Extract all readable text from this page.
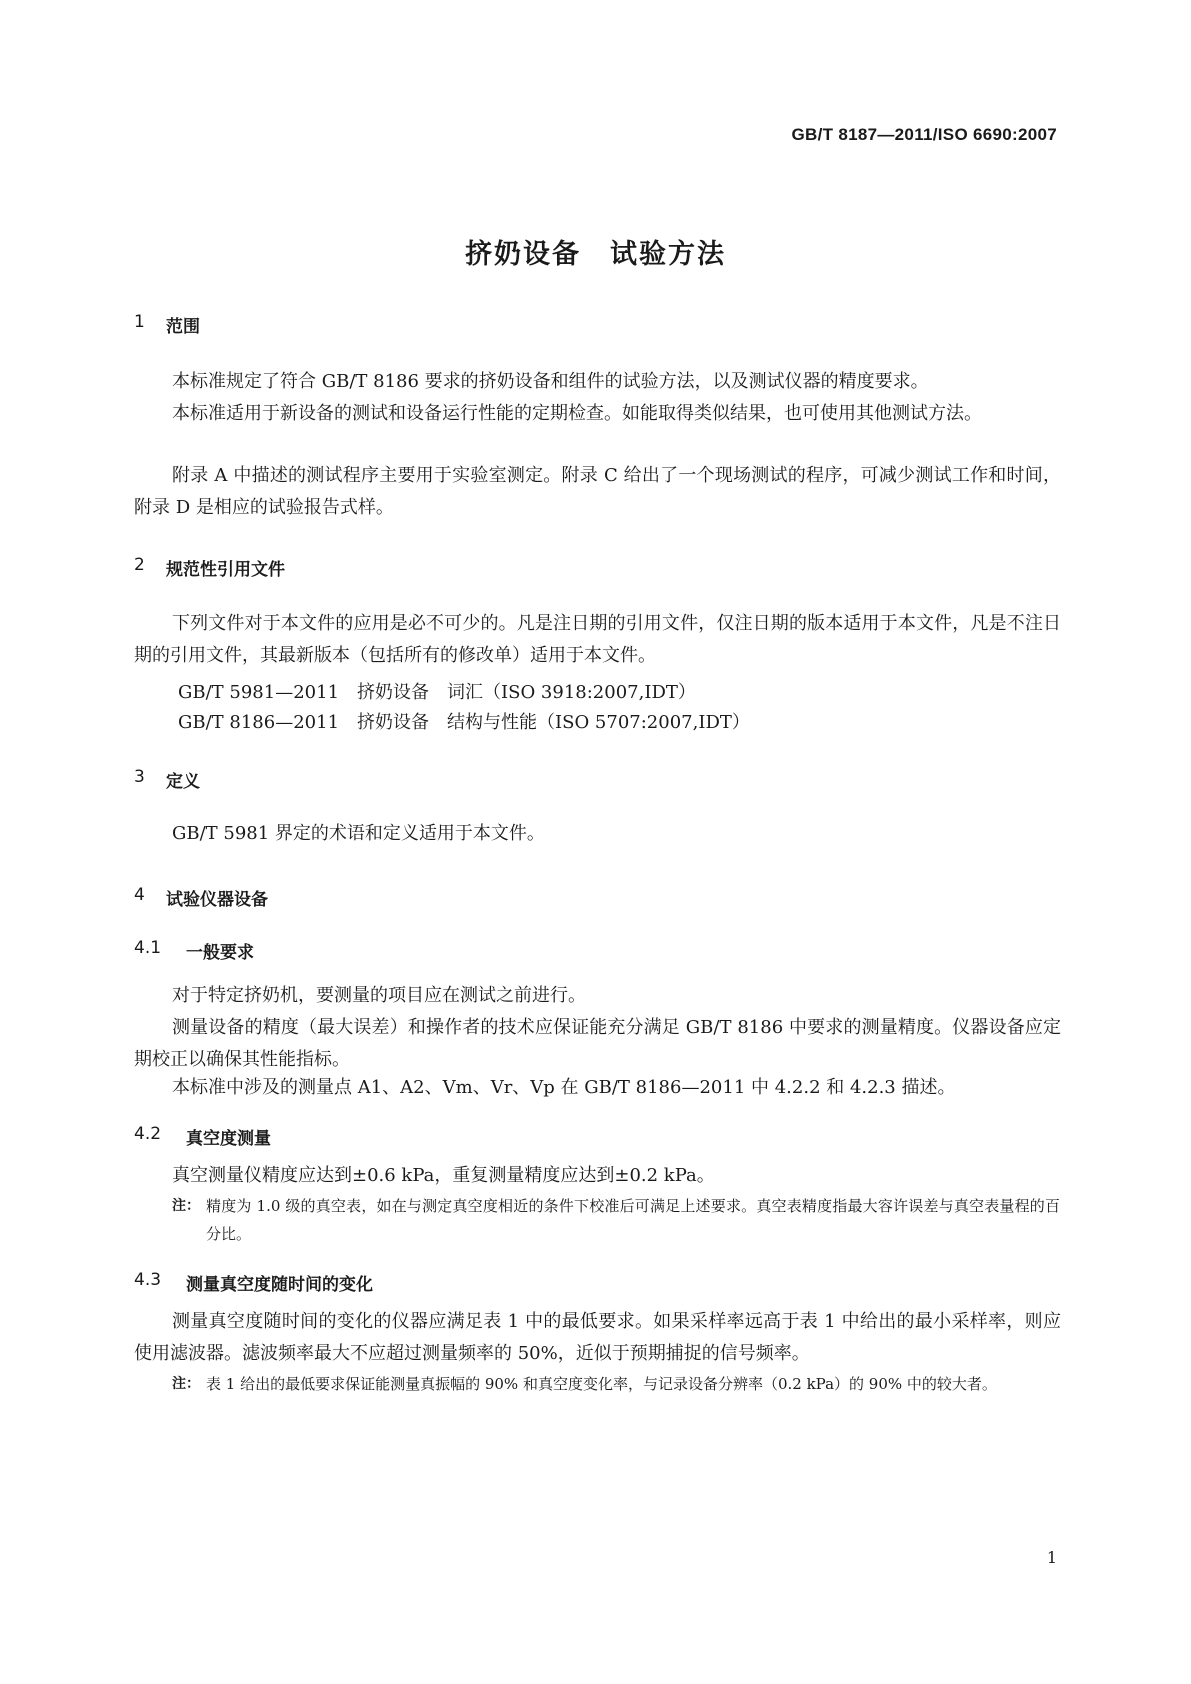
GB/T 8187—2011/ISO 6690:2007
挤奶设备　试验方法
1	范围

本标准规定了符合 GB/T 8186 要求的挤奶设备和组件的试验方法，以及测试仪器的精度要求。

本标准适用于新设备的测试和设备运行性能的定期检查。如能取得类似结果，也可使用其他测试方法。

附录 A 中描述的测试程序主要用于实验室测定。附录 C 给出了一个现场测试的程序，可减少测试工作和时间，附录 D 是相应的试验报告式样。

2	规范性引用文件

下列文件对于本文件的应用是必不可少的。凡是注日期的引用文件，仅注日期的版本适用于本文件，凡是不注日期的引用文件，其最新版本（包括所有的修改单）适用于本文件。

GB/T 5981—2011　挤奶设备　词汇（ISO 3918:2007,IDT）

GB/T 8186—2011　挤奶设备　结构与性能（ISO 5707:2007,IDT）

3	定义

GB/T 5981 界定的术语和定义适用于本文件。

4	试验仪器设备
4.1	一般要求

对于特定挤奶机，要测量的项目应在测试之前进行。

测量设备的精度（最大误差）和操作者的技术应保证能充分满足 GB/T 8186 中要求的测量精度。仪器设备应定期校正以确保其性能指标。

本标准中涉及的测量点 A1、A2、Vm、Vr、Vp 在 GB/T 8186—2011 中 4.2.2 和 4.2.3 描述。

4.2	真空度测量

真空测量仪精度应达到±0.6 kPa，重复测量精度应达到±0.2 kPa。

注： 精度为 1.0 级的真空表，如在与测定真空度相近的条件下校准后可满足上述要求。真空表精度指最大容许误差与真空表量程的百分比。
4.3	测量真空度随时间的变化

测量真空度随时间的变化的仪器应满足表 1 中的最低要求。如果采样率远高于表 1 中给出的最小采样率，则应使用滤波器。滤波频率最大不应超过测量频率的 50%，近似于预期捕捉的信号频率。

注： 表 1 给出的最低要求保证能测量真振幅的 90% 和真空度变化率，与记录设备分辨率（0.2 kPa）的 90% 中的较大者。
1
